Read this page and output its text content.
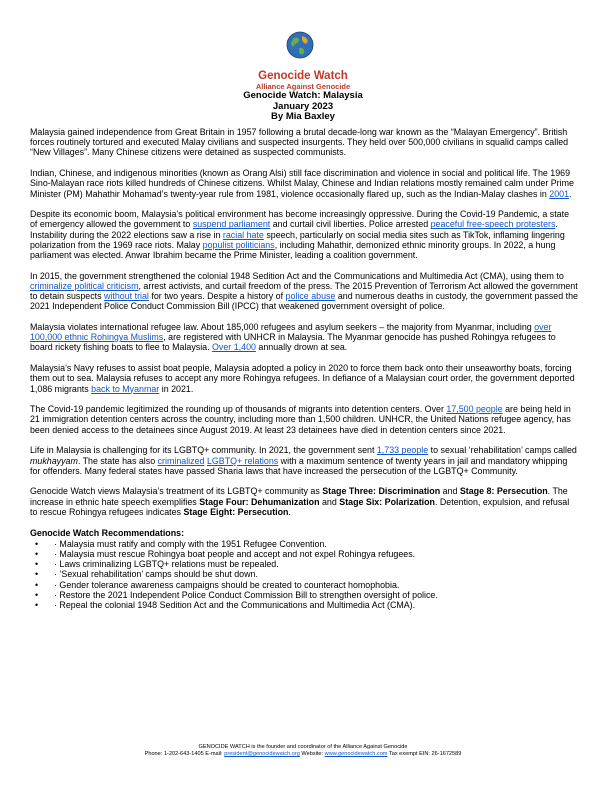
Genocide Watch
Alliance Against Genocide
Genocide Watch: Malaysia
January 2023
By Mia Baxley

Malaysia gained independence from Great Britain in 1957 following a brutal decade-long war known as the “Malayan Emergency”. British forces routinely tortured and executed Malay civilians and suspected insurgents. They held over 500,000 civilians in squalid camps called “New Villages”. Many Chinese citizens were detained as suspected communists.

Indian, Chinese, and indigenous minorities (known as Orang Alsi) still face discrimination and violence in social and political life. The 1969 Sino-Malayan race riots killed hundreds of Chinese citizens. Whilst Malay, Chinese and Indian relations mostly remained calm under Prime Minister (PM) Mahathir Mohamad’s twenty-year rule from 1981, violence occasionally flared up, such as the Indian-Malay clashes in 2001.

Despite its economic boom, Malaysia’s political environment has become increasingly oppressive. During the Covid-19 Pandemic, a state of emergency allowed the government to suspend parliament and curtail civil liberties. Police arrested peaceful free-speech protesters. Instability during the 2022 elections saw a rise in racial hate speech, particularly on social media sites such as TikTok, inflaming lingering polarization from the 1969 race riots. Malay populist politicians, including Mahathir, demonized ethnic minority groups. In 2022, a hung parliament was elected. Anwar Ibrahim became the Prime Minister, leading a coalition government.

In 2015, the government strengthened the colonial 1948 Sedition Act and the Communications and Multimedia Act (CMA), using them to criminalize political criticism, arrest activists, and curtail freedom of the press. The 2015 Prevention of Terrorism Act allowed the government to detain suspects without trial for two years. Despite a history of police abuse and numerous deaths in custody, the government passed the 2021 Independent Police Conduct Commission Bill (IPCC) that weakened government oversight of police.

Malaysia violates international refugee law. About 185,000 refugees and asylum seekers – the majority from Myanmar, including over 100,000 ethnic Rohingya Muslims, are registered with UNHCR in Malaysia. The Myanmar genocide has pushed Rohingya refugees to board rickety fishing boats to flee to Malaysia. Over 1,400 annually drown at sea.

Malaysia’s Navy refuses to assist boat people, Malaysia adopted a policy in 2020 to force them back onto their unseaworthy boats, forcing them out to sea. Malaysia refuses to accept any more Rohingya refugees. In defiance of a Malaysian court order, the government deported 1,086 migrants back to Myanmar in 2021.

The Covid-19 pandemic legitimized the rounding up of thousands of migrants into detention centers. Over 17,500 people are being held in 21 immigration detention centers across the country, including more than 1,500 children. UNHCR, the United Nations refugee agency, has been denied access to the detainees since August 2019. At least 23 detainees have died in detention centers since 2021.

Life in Malaysia is challenging for its LGBTQ+ community. In 2021, the government sent 1,733 people to sexual ‘rehabilitation’ camps called mukhayyam. The state has also criminalized LGBTQ+ relations with a maximum sentence of twenty years in jail and mandatory whipping for offenders. Many federal states have passed Sharia laws that have increased the persecution of the LGBTQ+ Community.

Genocide Watch views Malaysia’s treatment of its LGBTQ+ community as Stage Three: Discrimination and Stage 8: Persecution. The increase in ethnic hate speech exemplifies Stage Four: Dehumanization and Stage Six: Polarization. Detention, expulsion, and refusal to rescue Rohingya refugees indicates Stage Eight: Persecution.

Genocide Watch Recommendations:
• · Malaysia must ratify and comply with the 1951 Refugee Convention.
• · Malaysia must rescue Rohingya boat people and accept and not expel Rohingya refugees.
• · Laws criminalizing LGBTQ+ relations must be repealed.
• · ‘Sexual rehabilitation’ camps should be shut down.
• · Gender tolerance awareness campaigns should be created to counteract homophobia.
• · Restore the 2021 Independent Police Conduct Commission Bill to strengthen oversight of police.
• · Repeal the colonial 1948 Sedition Act and the Communications and Multimedia Act (CMA).
GENOCIDE WATCH is the founder and coordinator of the Alliance Against Genocide
Phone: 1-202-643-1405 E-mail: president@genocidewatch.org Website: www.genocidewatch.com Tax exempt EIN: 26-1672589
